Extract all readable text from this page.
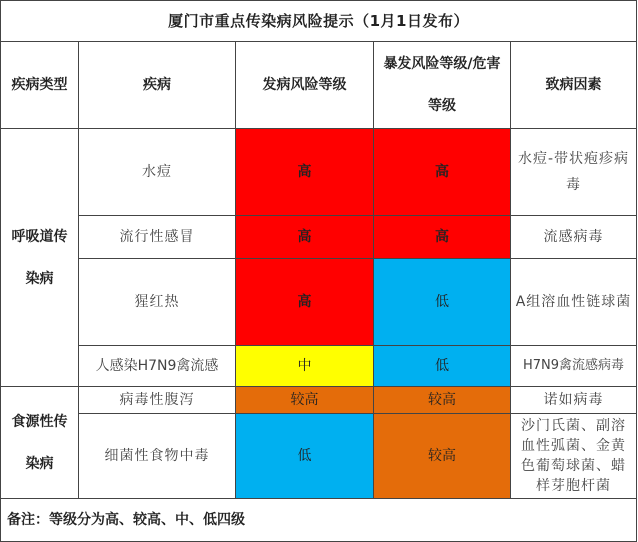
厦门市重点传染病风险提示（1月1日发布）				
疾病类型	疾病	发病风险等级	暴发风险等级/危害等级	致病因素
呼吸道传染病	水痘	高	高	水痘-带状疱疹病毒
	流行性感冒	高	高	流感病毒
	猩红热	高	低	A组溶血性链球菌
	人感染H7N9禽流感	中	低	H7N9禽流感病毒
食源性传染病	病毒性腹泻	较高	较高	诺如病毒
	细菌性食物中毒	低	较高	沙门氏菌、副溶血性弧菌、金黄色葡萄球菌、蜡样芽胞杆菌
备注：等级分为高、较高、中、低四级				
